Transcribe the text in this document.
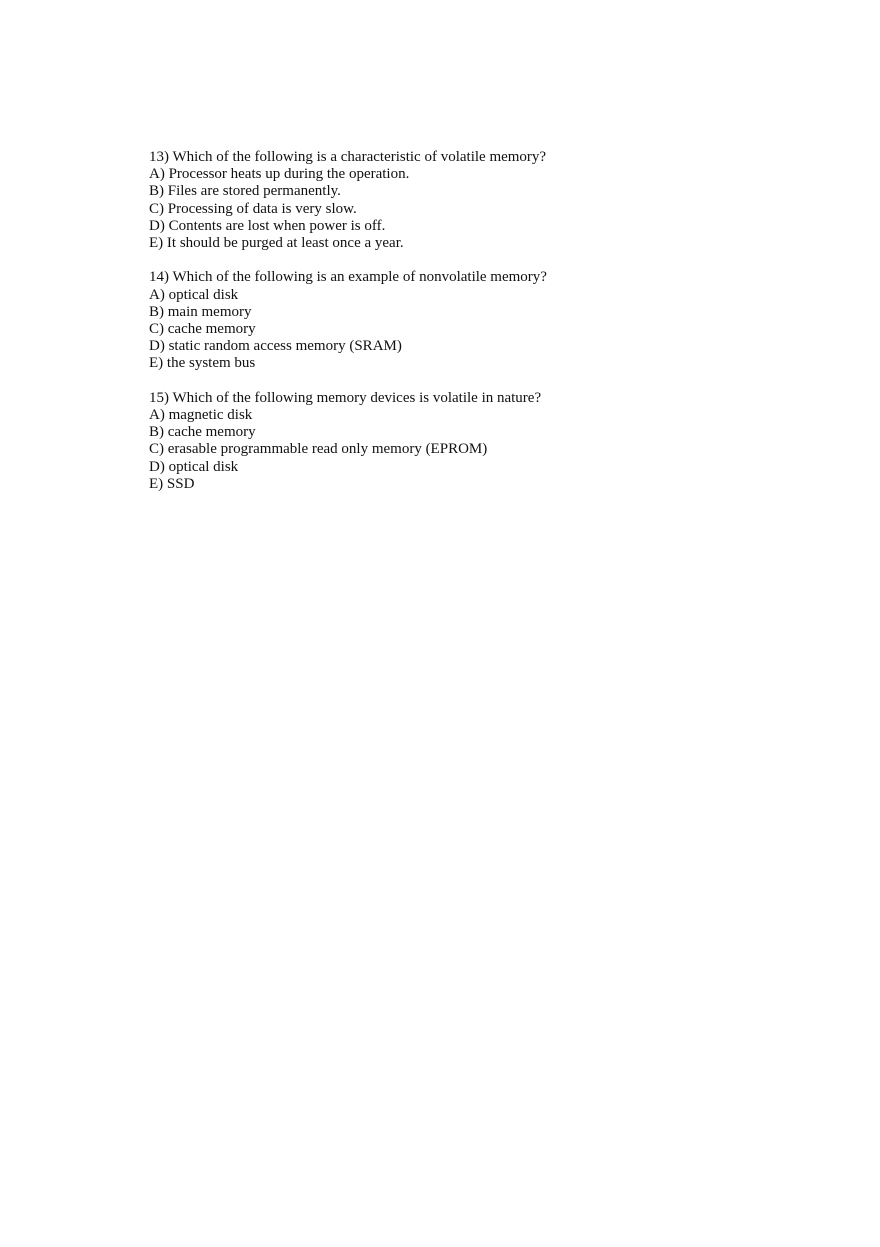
13) Which of the following is a characteristic of volatile memory?
A) Processor heats up during the operation.
B) Files are stored permanently.
C) Processing of data is very slow.
D) Contents are lost when power is off.
E) It should be purged at least once a year.
14) Which of the following is an example of nonvolatile memory?
A) optical disk
B) main memory
C) cache memory
D) static random access memory (SRAM)
E) the system bus
15) Which of the following memory devices is volatile in nature?
A) magnetic disk
B) cache memory
C) erasable programmable read only memory (EPROM)
D) optical disk
E) SSD
